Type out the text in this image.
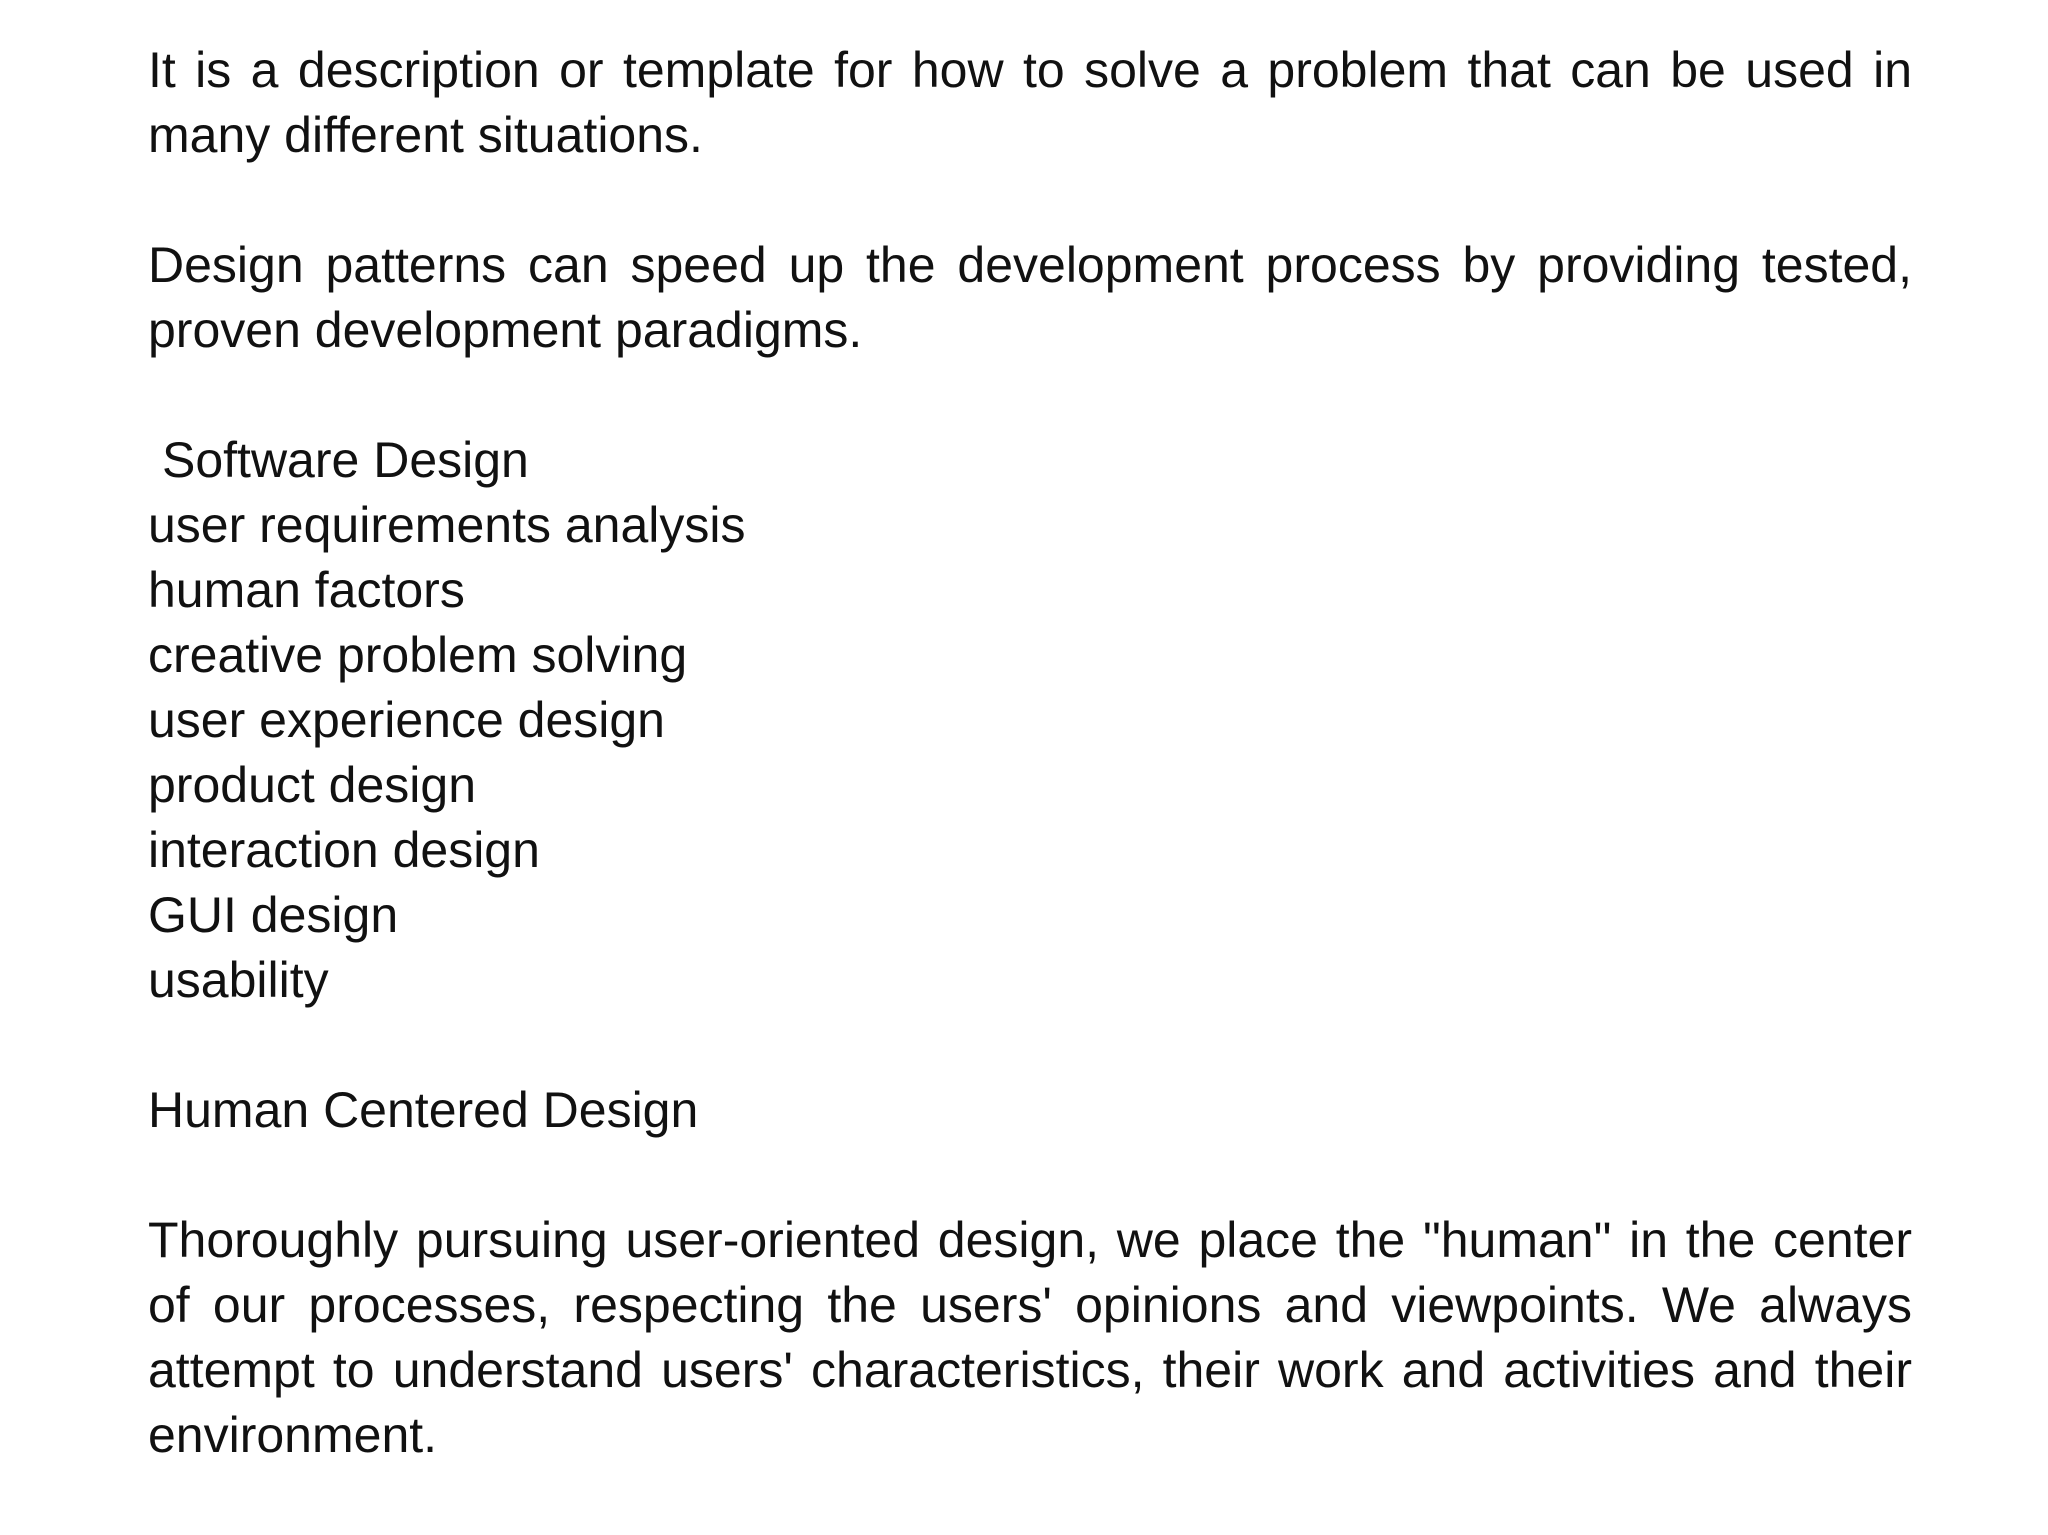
It is a description or template for how to solve a problem that can be used in many different situations.

Design patterns can speed up the development process by providing tested, proven development paradigms.

Software Design

user requirements analysis
human factors
creative problem solving
user experience design
product design
interaction design
GUI design
usability
Human Centered Design

Thoroughly pursuing user-oriented design, we place the "human" in the center of our processes, respecting the users' opinions and viewpoints. We always attempt to understand users' characteristics, their work and activities and their environment.
